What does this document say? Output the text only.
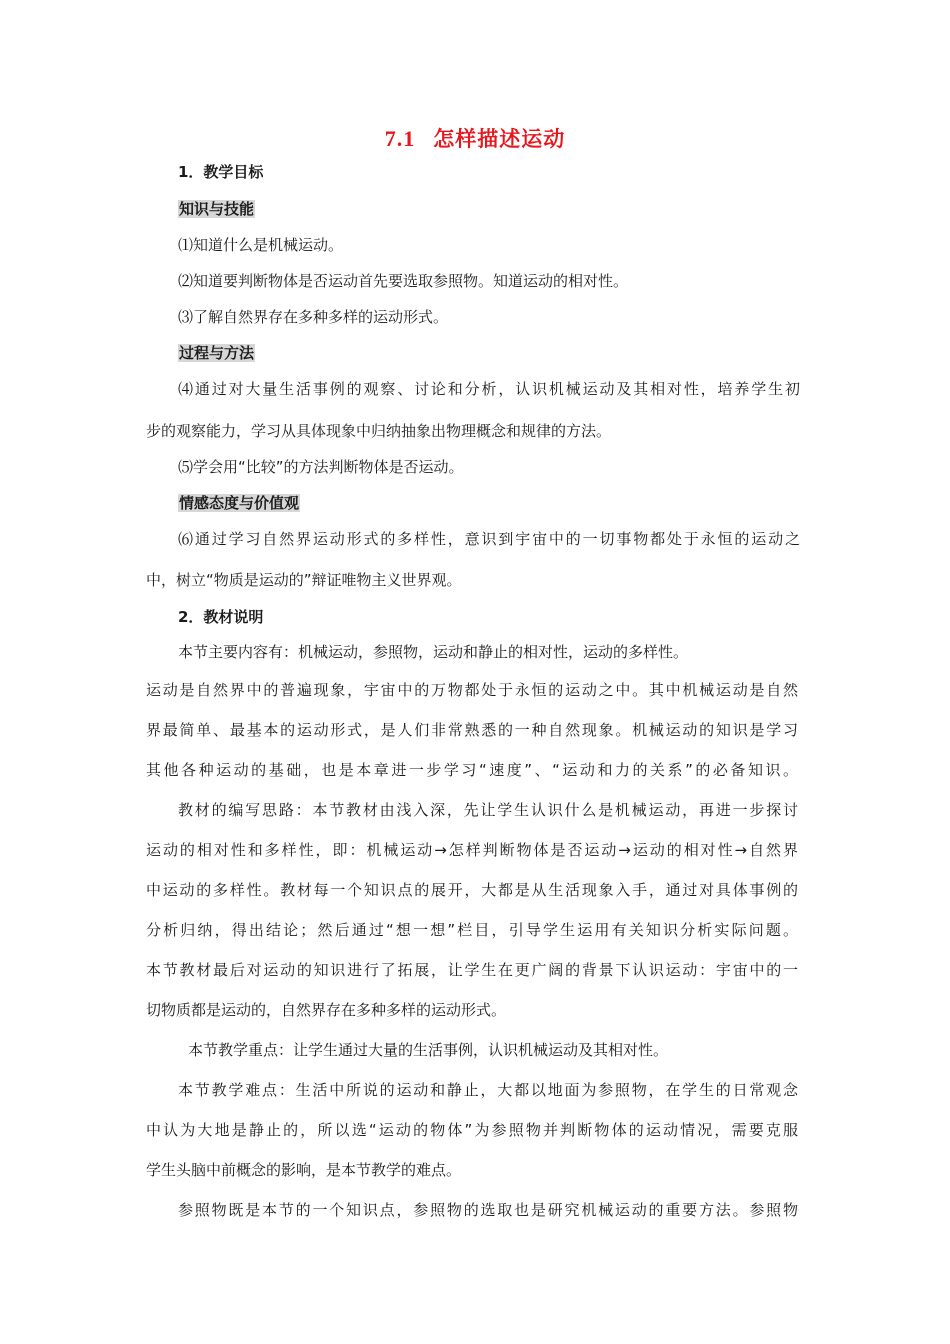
7.1 怎样描述运动
1．教学目标
知识与技能
⑴知道什么是机械运动。
⑵知道要判断物体是否运动首先要选取参照物。知道运动的相对性。
⑶了解自然界存在多种多样的运动形式。
过程与方法
⑷通过对大量生活事例的观察、讨论和分析，认识机械运动及其相对性，培养学生初
步的观察能力，学习从具体现象中归纳抽象出物理概念和规律的方法。
⑸学会用“比较”的方法判断物体是否运动。
情感态度与价值观
⑹通过学习自然界运动形式的多样性，意识到宇宙中的一切事物都处于永恒的运动之
中，树立“物质是运动的”辩证唯物主义世界观。
2．教材说明
本节主要内容有：机械运动，参照物，运动和静止的相对性，运动的多样性。
运动是自然界中的普遍现象，宇宙中的万物都处于永恒的运动之中。其中机械运动是自然
界最简单、最基本的运动形式，是人们非常熟悉的一种自然现象。机械运动的知识是学习
其他各种运动的基础，也是本章进一步学习“速度”、“运动和力的关系”的必备知识。
教材的编写思路：本节教材由浅入深，先让学生认识什么是机械运动，再进一步探讨
运动的相对性和多样性，即：机械运动→怎样判断物体是否运动→运动的相对性→自然界
中运动的多样性。教材每一个知识点的展开，大都是从生活现象入手，通过对具体事例的
分析归纳，得出结论；然后通过“想一想”栏目，引导学生运用有关知识分析实际问题。
本节教材最后对运动的知识进行了拓展，让学生在更广阔的背景下认识运动：宇宙中的一
切物质都是运动的，自然界存在多种多样的运动形式。
本节教学重点：让学生通过大量的生活事例，认识机械运动及其相对性。
本节教学难点：生活中所说的运动和静止，大都以地面为参照物，在学生的日常观念
中认为大地是静止的，所以选“运动的物体”为参照物并判断物体的运动情况，需要克服
学生头脑中前概念的影响，是本节教学的难点。
参照物既是本节的一个知识点，参照物的选取也是研究机械运动的重要方法。参照物
